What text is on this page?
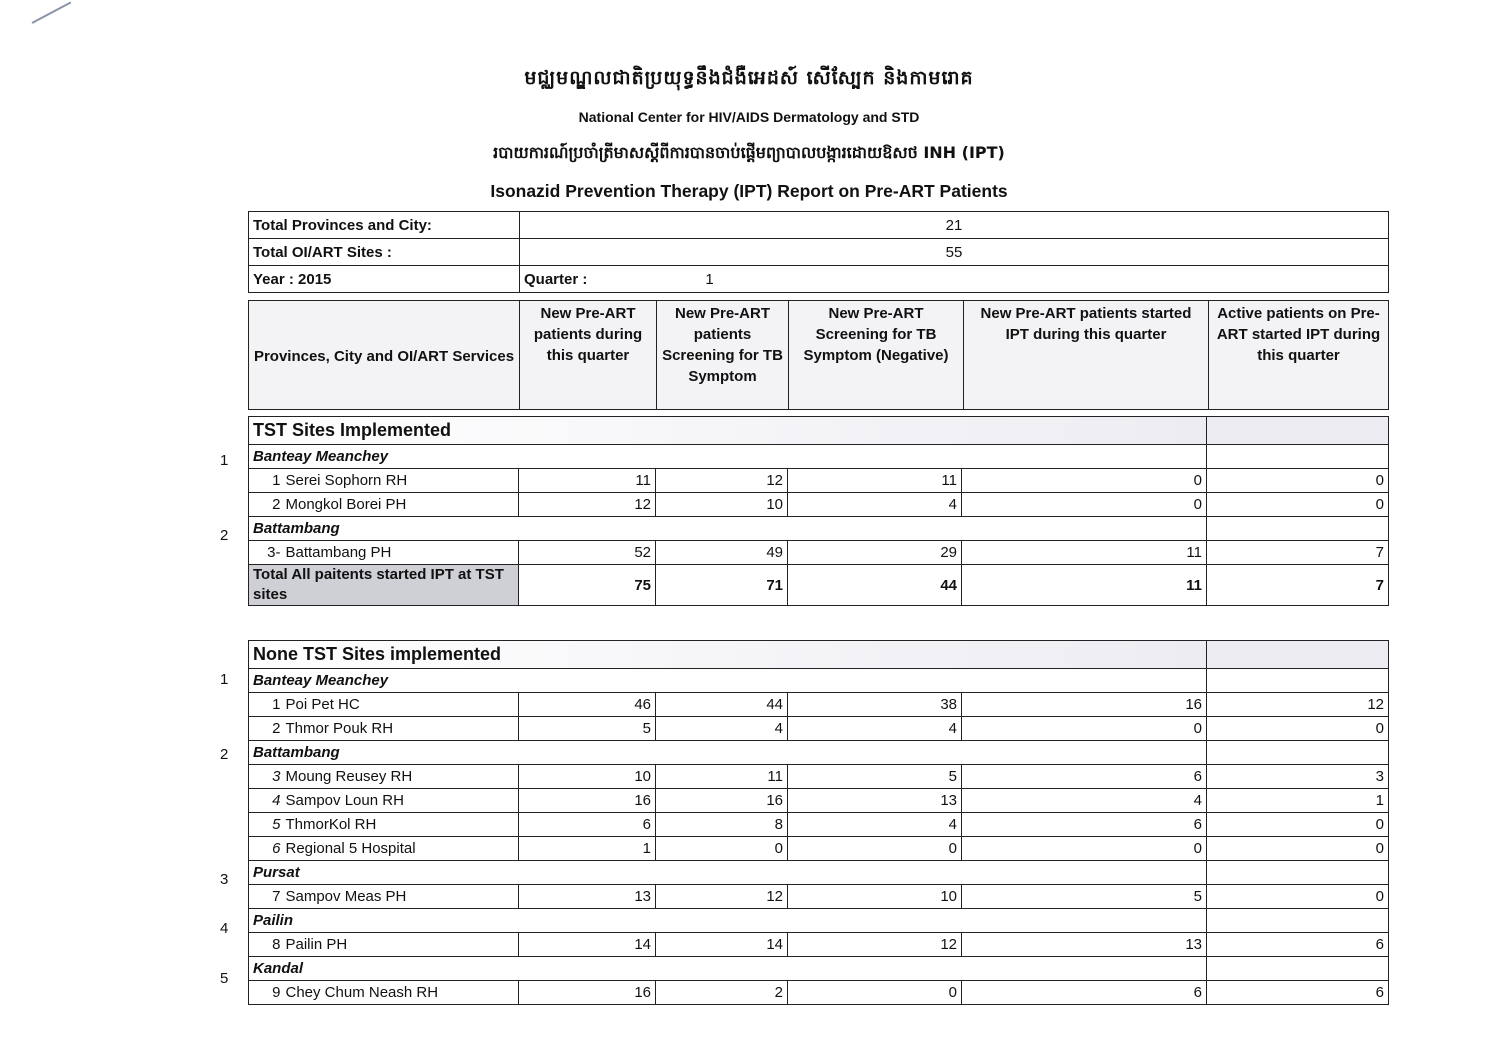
មជ្ឈមណ្ឌលជាតិប្រយុទ្ធនឹងជំងឺអេដស៍ សើស្បែក និងកាមរោគ
National Center for HIV/AIDS Dermatology and STD
របាយការណ៍ប្រចាំត្រីមាសស្តីពីការបានចាប់ផ្តើមព្យាបាលបង្ការដោយឱសថ INH (IPT)
Isonazid Prevention Therapy (IPT) Report on Pre-ART Patients
Total Provinces and City:	21
Total OI/ART Sites :	55
Year : 2015	Quarter : 1
Provinces, City and OI/ART Services	New Pre-ART patients during this quarter	New Pre-ART patients Screening for TB Symptom	New Pre-ART Screening for TB Symptom (Negative)	New Pre-ART patients started IPT during this quarter	Active patients on Pre-ART started IPT during this quarter
TST Sites Implemented						
Banteay Meanchey						
1	Serei Sophorn RH	11	12	11	0	0
2	Mongkol Borei PH	12	10	4	0	0
Battambang						
3-	Battambang PH	52	49	29	11	7
Total All paitents started IPT at TST sites		75	71	44	11	7
None TST Sites implemented						
Banteay Meanchey						
1	Poi Pet HC	46	44	38	16	12
2	Thmor Pouk RH	5	4	4	0	0
Battambang						
3	Moung Reusey RH	10	11	5	6	3
4	Sampov Loun RH	16	16	13	4	1
5	ThmorKol RH	6	8	4	6	0
6	Regional 5 Hospital	1	0	0	0	0
Pursat						
7	Sampov Meas PH	13	12	10	5	0
Pailin						
8	Pailin PH	14	14	12	13	6
Kandal						
9	Chey Chum Neash RH	16	2	0	6	6
1
2
1
2
3
4
5
